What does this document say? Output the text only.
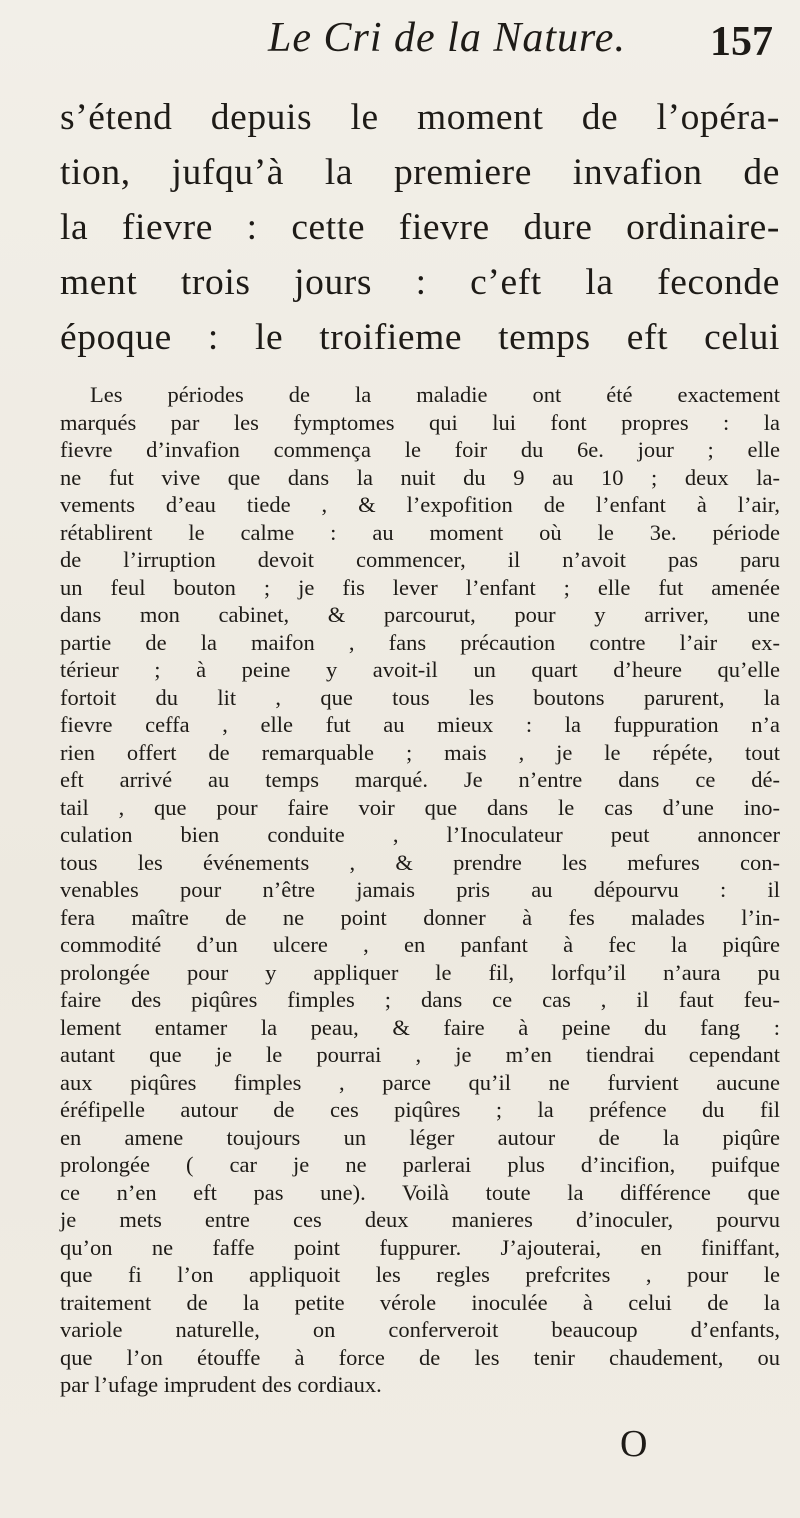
Le Cri de la Nature. 157
s’étend depuis le moment de l’opéra-
tion, jufqu’à la premiere invafion de
la fievre : cette fievre dure ordinaire-
ment trois jours : c’eft la feconde
époque : le troifieme temps eft celui
Les périodes de la maladie ont été exactement
marqués par les fymptomes qui lui font propres : la
fievre d’invafion commença le foir du 6e. jour ; elle
ne fut vive que dans la nuit du 9 au 10 ; deux la-
vements d’eau tiede , & l’expofition de l’enfant à l’air,
rétablirent le calme : au moment où le 3e. période
de l’irruption devoit commencer, il n’avoit pas paru
un feul bouton ; je fis lever l’enfant ; elle fut amenée
dans mon cabinet, & parcourut, pour y arriver, une
partie de la maifon , fans précaution contre l’air ex-
térieur ; à peine y avoit-il un quart d’heure qu’elle
fortoit du lit , que tous les boutons parurent, la
fievre ceffa , elle fut au mieux : la fuppuration n’a
rien offert de remarquable ; mais , je le répéte, tout
eft arrivé au temps marqué. Je n’entre dans ce dé-
tail , que pour faire voir que dans le cas d’une ino-
culation bien conduite , l’Inoculateur peut annoncer
tous les événements , & prendre les mefures con-
venables pour n’être jamais pris au dépourvu : il
fera maître de ne point donner à fes malades l’in-
commodité d’un ulcere , en panfant à fec la piqûre
prolongée pour y appliquer le fil, lorfqu’il n’aura pu
faire des piqûres fimples ; dans ce cas , il faut feu-
lement entamer la peau, & faire à peine du fang :
autant que je le pourrai , je m’en tiendrai cependant
aux piqûres fimples , parce qu’il ne furvient aucune
éréfipelle autour de ces piqûres ; la préfence du fil
en amene toujours un léger autour de la piqûre
prolongée ( car je ne parlerai plus d’incifion, puifque
ce n’en eft pas une). Voilà toute la différence que
je mets entre ces deux manieres d’inoculer, pourvu
qu’on ne faffe point fuppurer. J’ajouterai, en finiffant,
que fi l’on appliquoit les regles prefcrites , pour le
traitement de la petite vérole inoculée à celui de la
variole naturelle, on conferveroit beaucoup d’enfants,
que l’on étouffe à force de les tenir chaudement, ou
par l’ufage imprudent des cordiaux.
O
